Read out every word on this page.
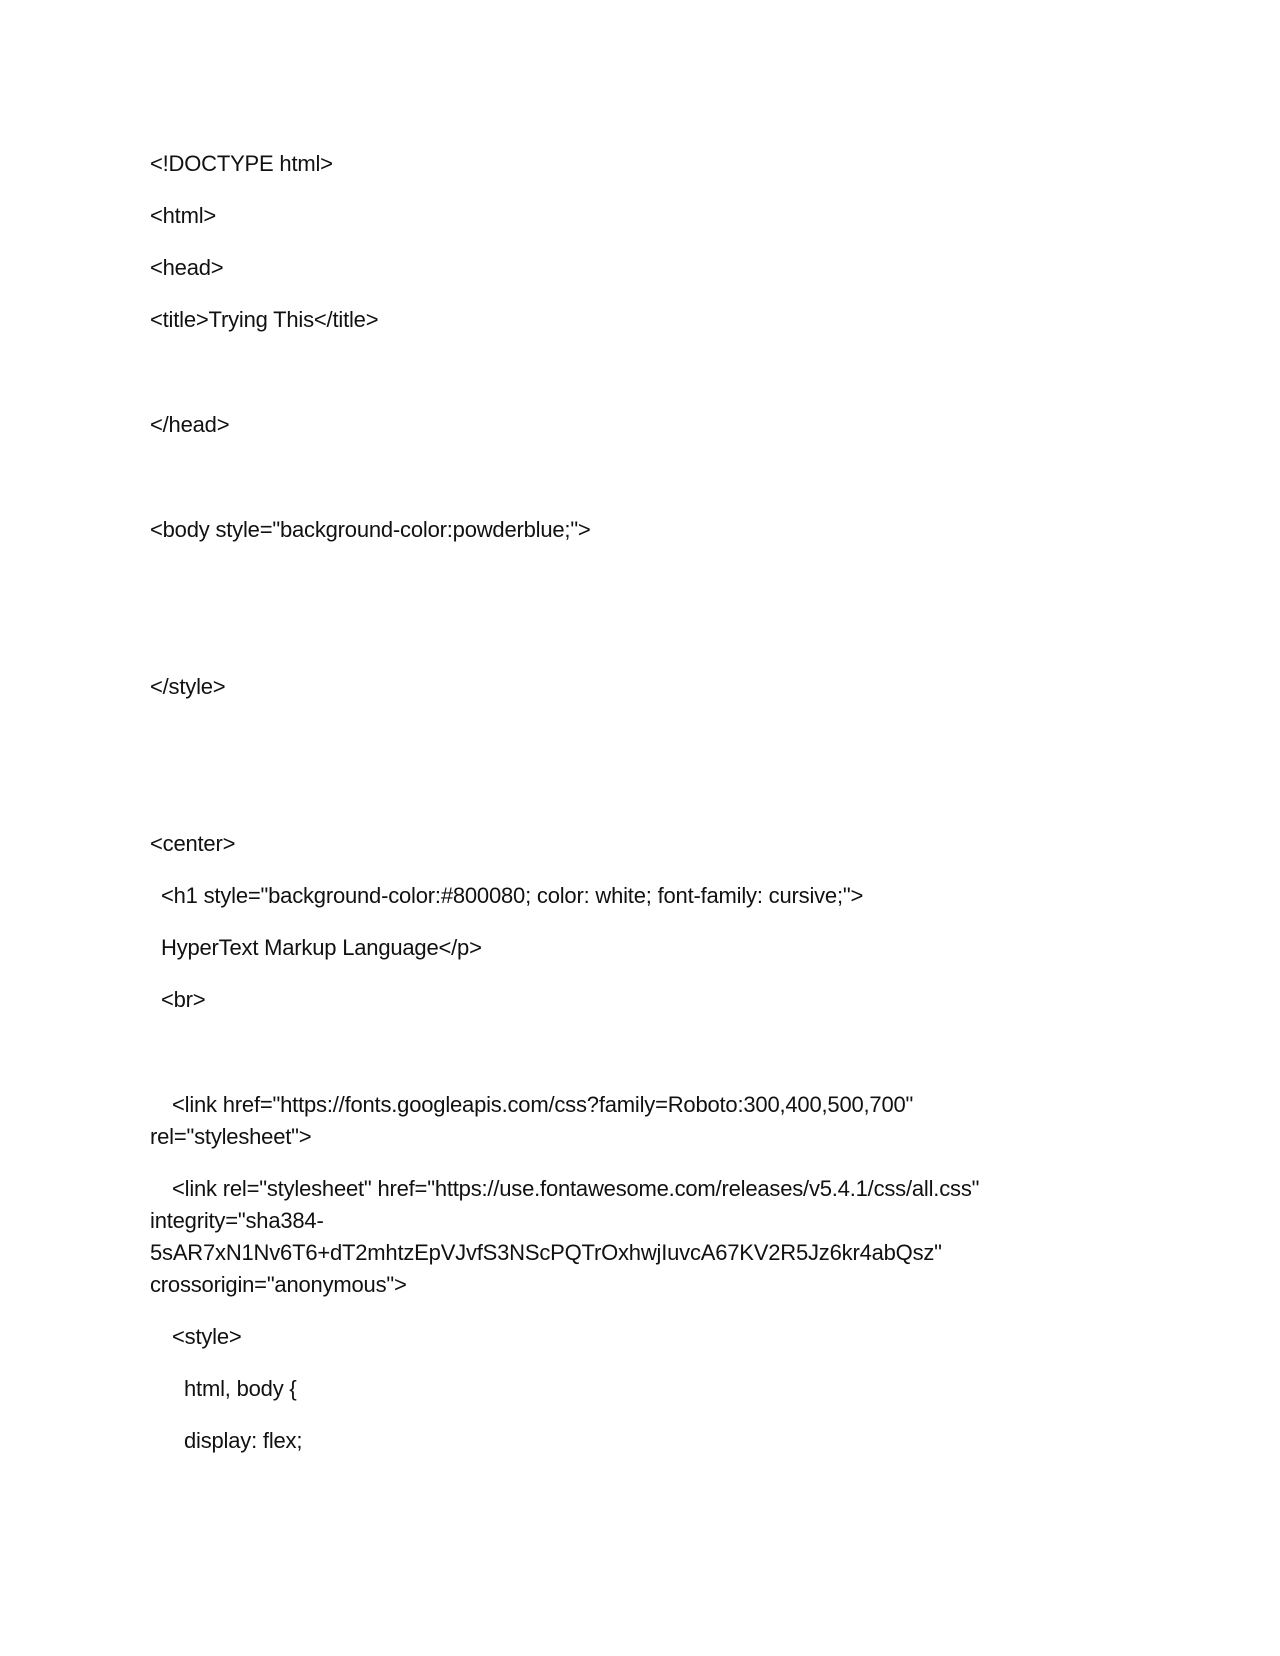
<!DOCTYPE html>
<html>
<head>
<title>Trying This</title>
</head>
<body style="background-color:powderblue;">
</style>
<center>
<h1 style="background-color:#800080; color: white; font-family: cursive;">
HyperText Markup Language</p>
<br>
<link href="https://fonts.googleapis.com/css?family=Roboto:300,400,500,700"
rel="stylesheet">
<link rel="stylesheet" href="https://use.fontawesome.com/releases/v5.4.1/css/all.css"
integrity="sha384-
5sAR7xN1Nv6T6+dT2mhtzEpVJvfS3NScPQTrOxhwjIuvcA67KV2R5Jz6kr4abQsz"
crossorigin="anonymous">
<style>
html, body {
display: flex;
